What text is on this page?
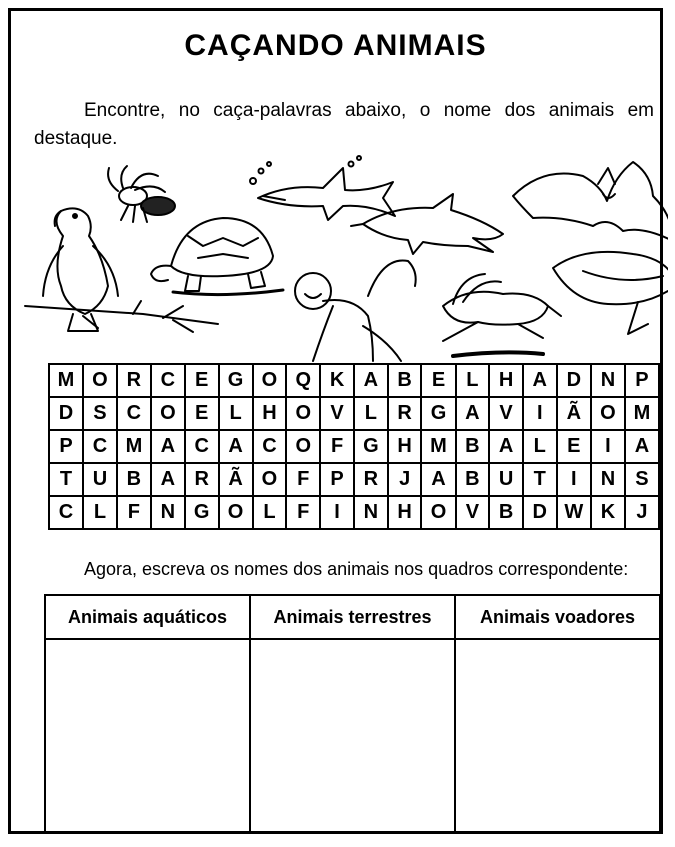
CAÇANDO ANIMAIS
Encontre, no caça-palavras abaixo, o nome dos animais em destaque.
M	O	R	C	E	G	O	Q	K	A	B	E	L	H	A	D	N	P
D	S	C	O	E	L	H	O	V	L	R	G	A	V	I	Ã	O	M
P	C	M	A	C	A	C	O	F	G	H	M	B	A	L	E	I	A
T	U	B	A	R	Ã	O	F	P	R	J	A	B	U	T	I	N	S
C	L	F	N	G	O	L	F	I	N	H	O	V	B	D	W	K	J
Agora, escreva os nomes dos animais nos quadros correspondente:
Animais aquáticos	Animais terrestres	Animais voadores
